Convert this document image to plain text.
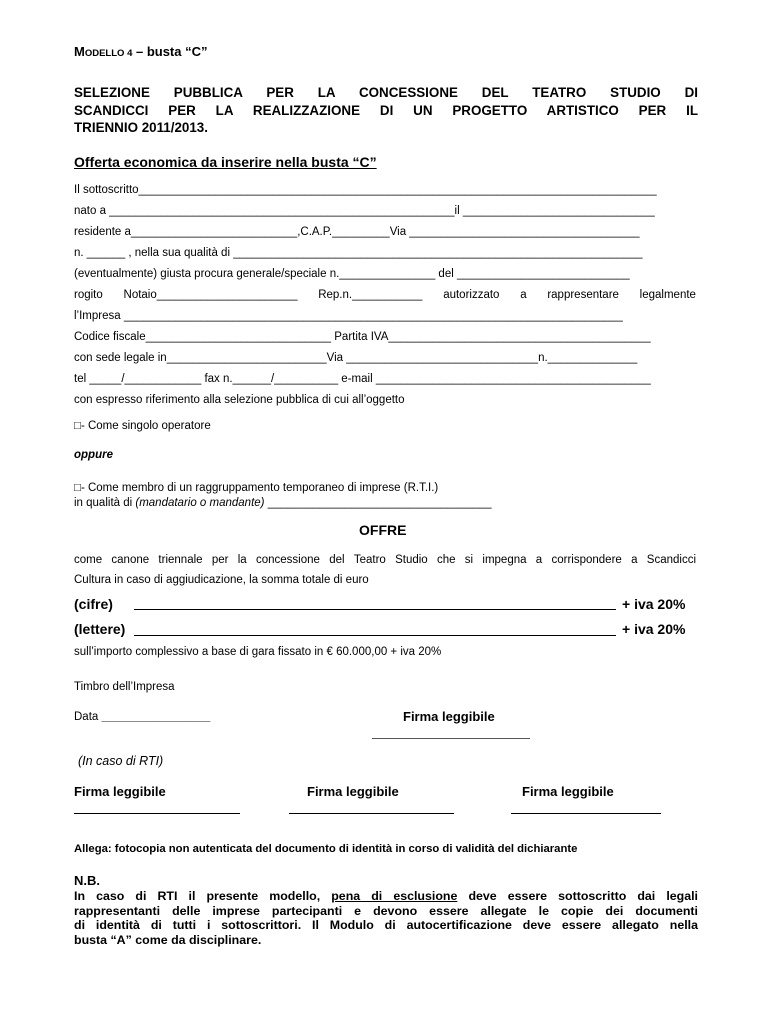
MODELLO 4 – busta “C”
SELEZIONE PUBBLICA PER LA CONCESSIONE DEL TEATRO STUDIO DI
SCANDICCI PER LA REALIZZAZIONE DI UN PROGETTO ARTISTICO PER IL
TRIENNIO 2011/2013.
Offerta economica da inserire nella busta “C”
Il sottoscritto_________________________________________________________________________________
nato a ______________________________________________________il ______________________________
residente a__________________________,C.A.P._________Via ____________________________________
n. ______ , nella sua qualità di ________________________________________________________________
(eventualmente) giusta procura generale/speciale n._______________ del ___________________________
rogito Notaio______________________ Rep.n.___________ autorizzato a rappresentare legalmente
l’Impresa ______________________________________________________________________________
Codice fiscale_____________________________ Partita IVA_________________________________________
con sede legale in_________________________Via ______________________________n.______________
tel _____/____________ fax n.______/__________ e-mail ___________________________________________
con espresso riferimento alla selezione pubblica di cui all’oggetto
□- Come singolo operatore
oppure
□- Come membro di un raggruppamento temporaneo di imprese (R.T.I.)
in qualità di (mandatario o mandante) ___________________________________
OFFRE
come canone triennale per la concessione del Teatro Studio che si impegna a corrispondere a Scandicci
Cultura in caso di aggiudicazione, la somma totale di euro
(cifre)	+ iva 20%
(lettere)	+ iva 20%
sull’importo complessivo a base di gara fissato in € 60.000,00 + iva 20%
Timbro dell’Impresa
Data _________________	Firma leggibile
(In caso di RTI)
Firma leggibile	Firma leggibile	Firma leggibile
Allega: fotocopia non autenticata del documento di identità in corso di validità del dichiarante
N.B.
In caso di RTI il presente modello, pena di esclusione deve essere sottoscritto dai legali
rappresentanti delle imprese partecipanti e devono essere allegate le copie dei documenti
di identità di tutti i sottoscrittori. Il Modulo di autocertificazione deve essere allegato nella
busta “A” come da disciplinare.
